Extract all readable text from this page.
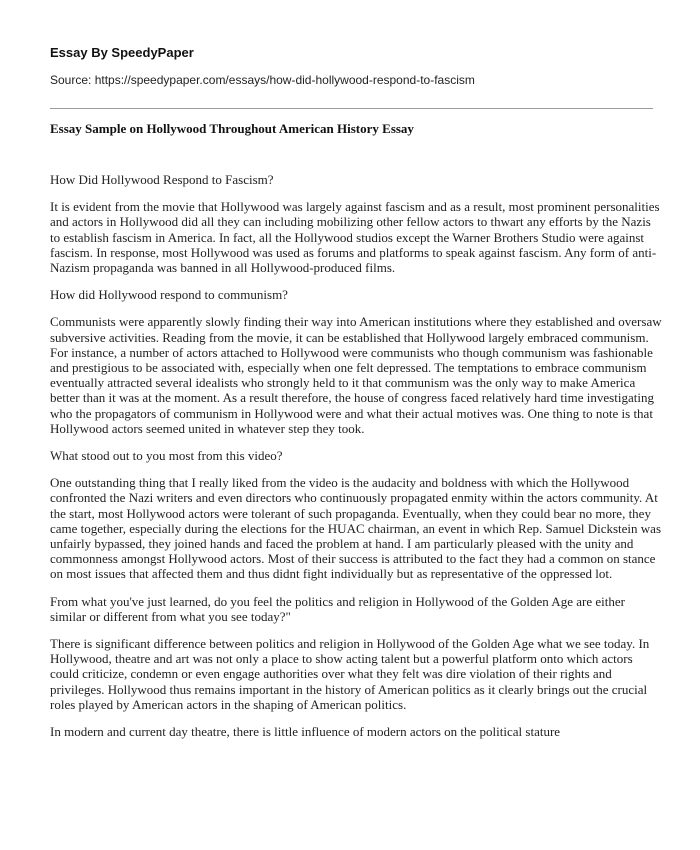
Essay By SpeedyPaper
Source: https://speedypaper.com/essays/how-did-hollywood-respond-to-fascism
Essay Sample on Hollywood Throughout American History Essay

How Did Hollywood Respond to Fascism?

It is evident from the movie that Hollywood was largely against fascism and as a result, most prominent personalities and actors in Hollywood did all they can including mobilizing other fellow actors to thwart any efforts by the Nazis to establish fascism in America. In fact, all the Hollywood studios except the Warner Brothers Studio were against fascism. In response, most Hollywood was used as forums and platforms to speak against fascism. Any form of anti-Nazism propaganda was banned in all Hollywood-produced films.

How did Hollywood respond to communism?

Communists were apparently slowly finding their way into American institutions where they established and oversaw subversive activities. Reading from the movie, it can be established that Hollywood largely embraced communism. For instance, a number of actors attached to Hollywood were communists who though communism was fashionable and prestigious to be associated with, especially when one felt depressed. The temptations to embrace communism eventually attracted several idealists who strongly held to it that communism was the only way to make America better than it was at the moment. As a result therefore, the house of congress faced relatively hard time investigating who the propagators of communism in Hollywood were and what their actual motives was. One thing to note is that Hollywood actors seemed united in whatever step they took.

What stood out to you most from this video?

One outstanding thing that I really liked from the video is the audacity and boldness with which the Hollywood confronted the Nazi writers and even directors who continuously propagated enmity within the actors community. At the start, most Hollywood actors were tolerant of such propaganda. Eventually, when they could bear no more, they came together, especially during the elections for the HUAC chairman, an event in which Rep. Samuel Dickstein was unfairly bypassed, they joined hands and faced the problem at hand. I am particularly pleased with the unity and commonness amongst Hollywood actors. Most of their success is attributed to the fact they had a common on stance on most issues that affected them and thus didnt fight individually but as representative of the oppressed lot.

From what you've just learned, do you feel the politics and religion in Hollywood of the Golden Age are either similar or different from what you see today?"

There is significant difference between politics and religion in Hollywood of the Golden Age what we see today. In Hollywood, theatre and art was not only a place to show acting talent but a powerful platform onto which actors could criticize, condemn or even engage authorities over what they felt was dire violation of their rights and privileges. Hollywood thus remains important in the history of American politics as it clearly brings out the crucial roles played by American actors in the shaping of American politics.

In modern and current day theatre, there is little influence of modern actors on the political stature
